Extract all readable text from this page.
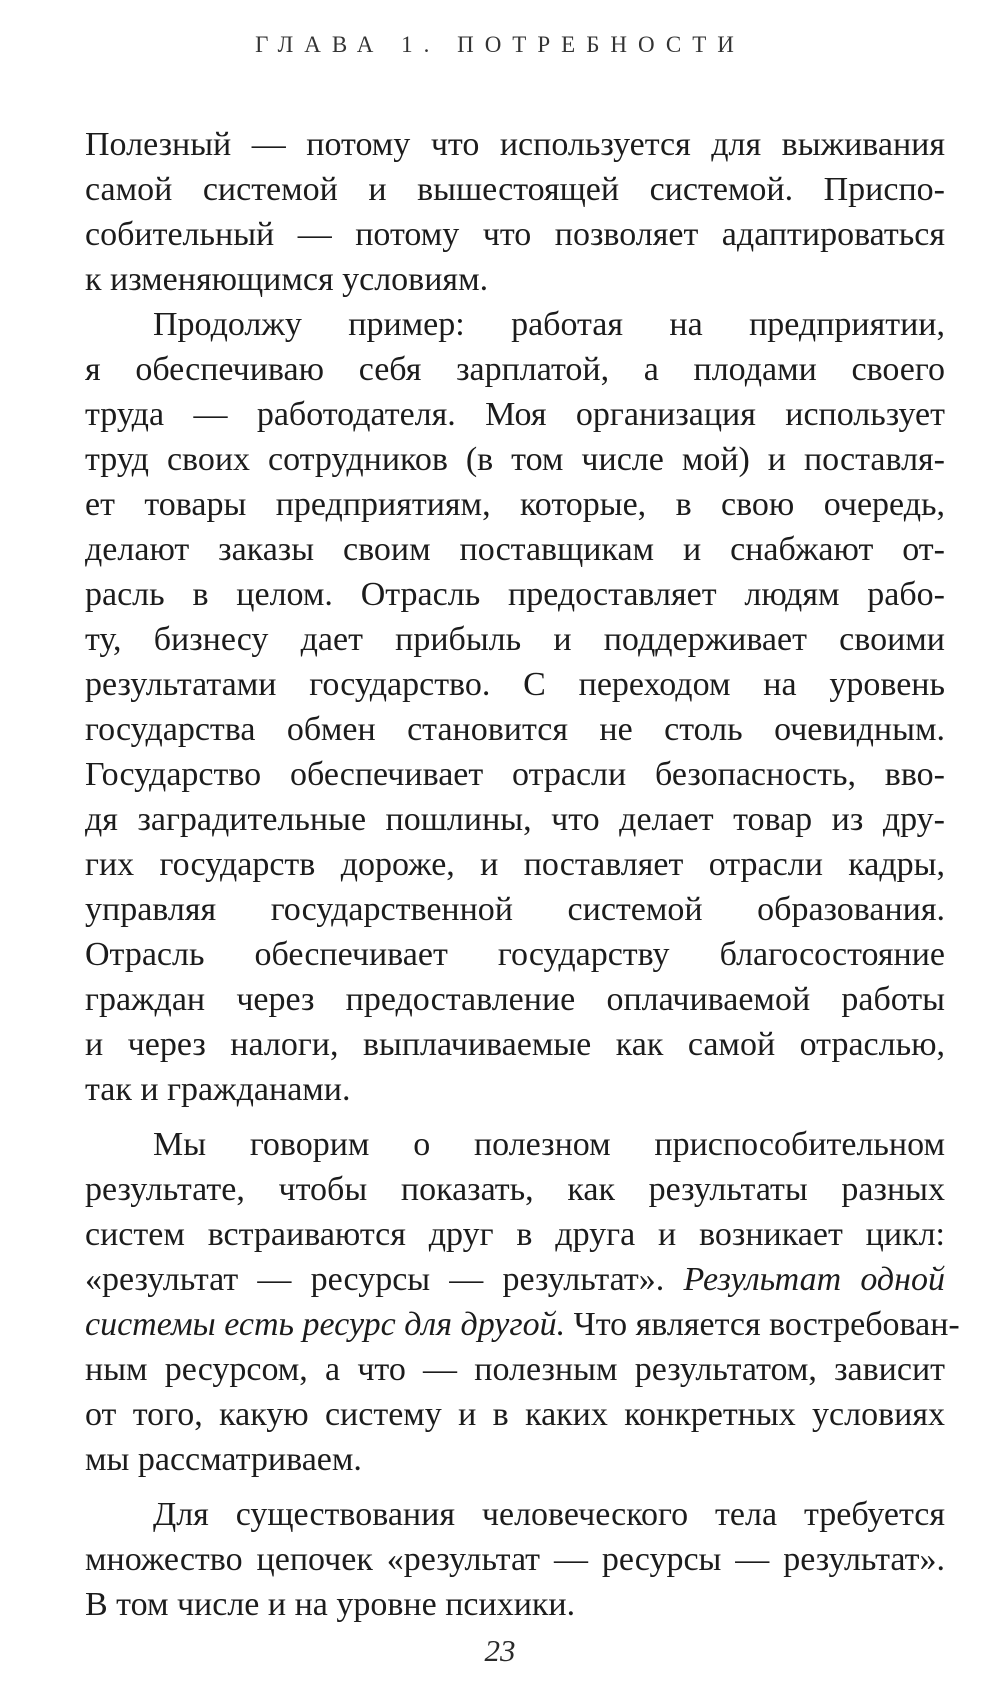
ГЛАВА 1. ПОТРЕБНОСТИ
Полезный — потому что используется для выживания
самой системой и вышестоящей системой. Приспо-
собительный — потому что позволяет адаптироваться
к изменяющимся условиям.
Продолжу пример: работая на предприятии,
я обеспечиваю себя зарплатой, а плодами своего
труда — работодателя. Моя организация использует
труд своих сотрудников (в том числе мой) и поставля-
ет товары предприятиям, которые, в свою очередь,
делают заказы своим поставщикам и снабжают от-
расль в целом. Отрасль предоставляет людям рабо-
ту, бизнесу дает прибыль и поддерживает своими
результатами государство. С переходом на уровень
государства обмен становится не столь очевидным.
Государство обеспечивает отрасли безопасность, вво-
дя заградительные пошлины, что делает товар из дру-
гих государств дороже, и поставляет отрасли кадры,
управляя государственной системой образования.
Отрасль обеспечивает государству благосостояние
граждан через предоставление оплачиваемой работы
и через налоги, выплачиваемые как самой отраслью,
так и гражданами.
Мы говорим о полезном приспособительном
результате, чтобы показать, как результаты разных
систем встраиваются друг в друга и возникает цикл:
«результат — ресурсы — результат». Результат одной
системы есть ресурс для другой. Что является востребован-
ным ресурсом, а что — полезным результатом, зависит
от того, какую систему и в каких конкретных условиях
мы рассматриваем.
Для существования человеческого тела требуется
множество цепочек «результат — ресурсы — результат».
В том числе и на уровне психики.
23
